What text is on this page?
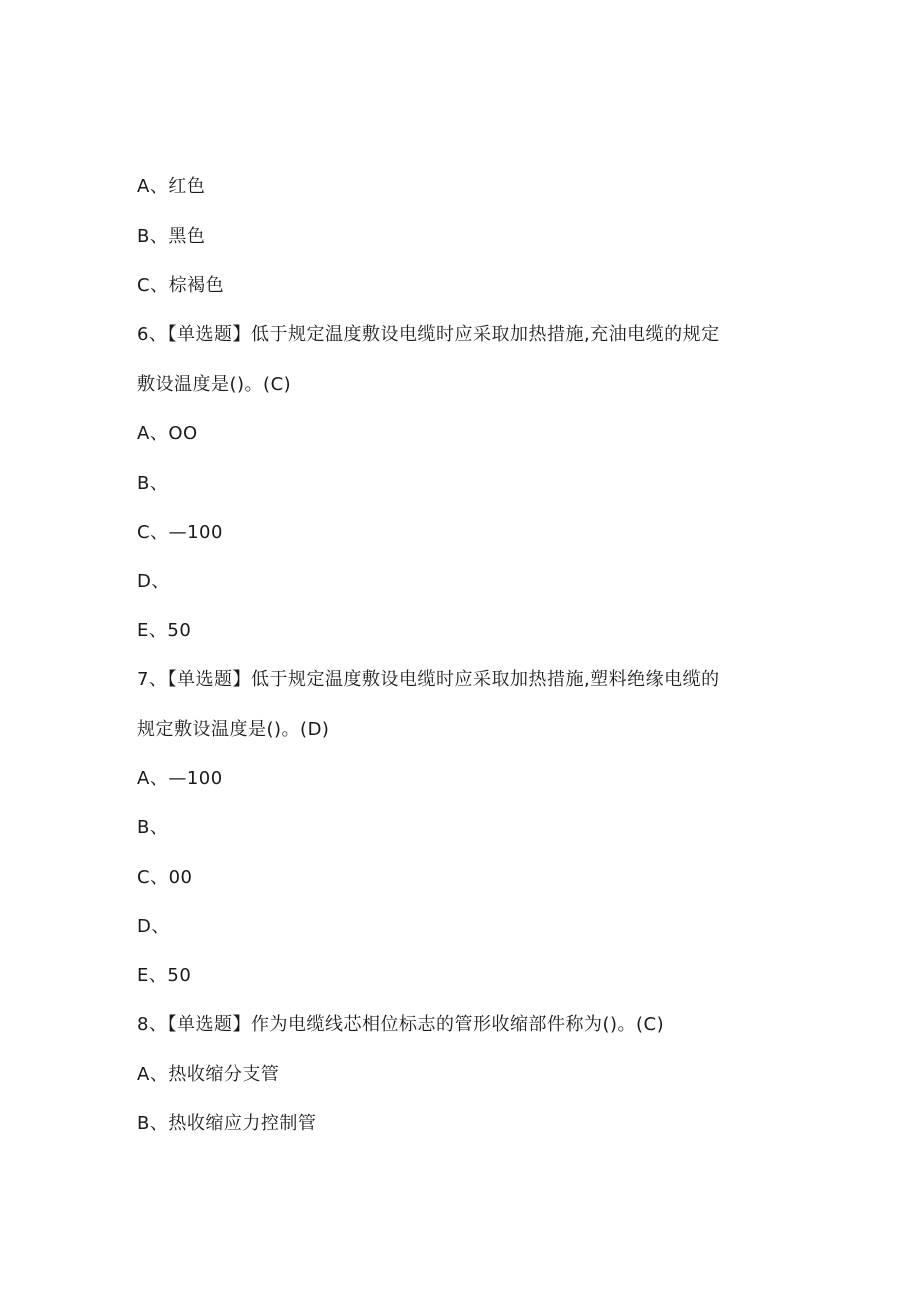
A、红色
B、黑色
C、棕褐色
6、【单选题】低于规定温度敷设电缆时应采取加热措施,充油电缆的规定
敷设温度是()。(C)
A、OO
B、
C、—100
D、
E、50
7、【单选题】低于规定温度敷设电缆时应采取加热措施,塑料绝缘电缆的
规定敷设温度是()。(D)
A、—100
B、
C、00
D、
E、50
8、【单选题】作为电缆线芯相位标志的管形收缩部件称为()。(C)
A、热收缩分支管
B、热收缩应力控制管
